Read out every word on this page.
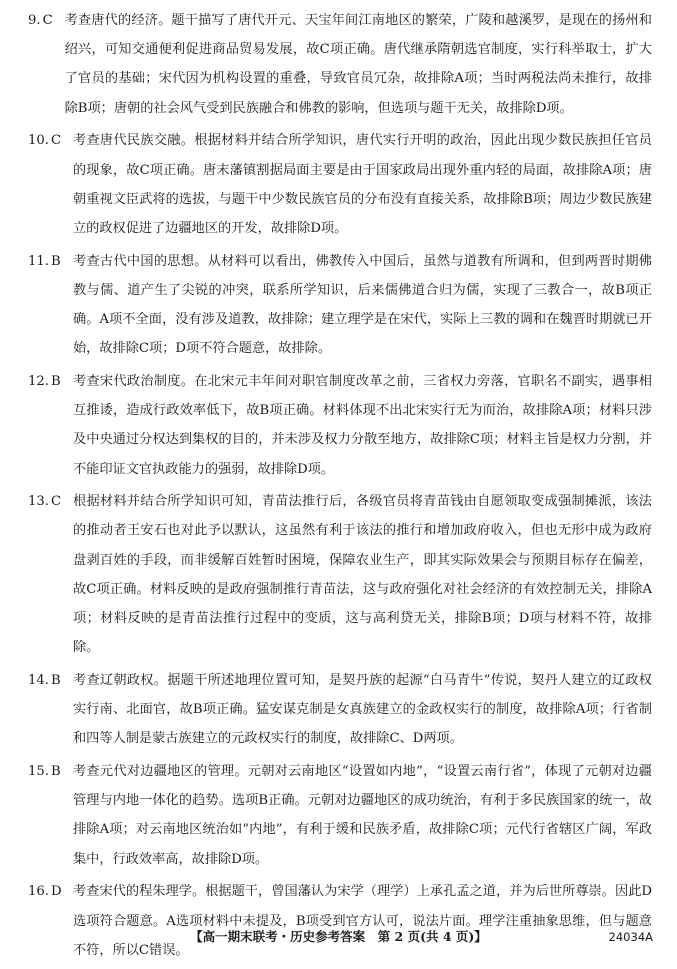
9. C 考查唐代的经济。题干描写了唐代开元、天宝年间江南地区的繁荣，广陵和越溪罗，是现在的扬州和绍兴，可知交通便利促进商品贸易发展，故C项正确。唐代继承隋朝选官制度，实行科举取士，扩大了官员的基础；宋代因为机构设置的重叠，导致官员冗杂，故排除A项；当时两税法尚未推行，故排除B项；唐朝的社会风气受到民族融合和佛教的影响，但选项与题干无关，故排除D项。
10. C 考查唐代民族交融。根据材料并结合所学知识，唐代实行开明的政治，因此出现少数民族担任官员的现象，故C项正确。唐末藩镇割据局面主要是由于国家政局出现外重内轻的局面，故排除A项；唐朝重视文臣武将的选拔，与题干中少数民族官员的分布没有直接关系，故排除B项；周边少数民族建立的政权促进了边疆地区的开发，故排除D项。
11. B 考查古代中国的思想。从材料可以看出，佛教传入中国后，虽然与道教有所调和，但到两晋时期佛教与儒、道产生了尖锐的冲突，联系所学知识，后来儒佛道合归为儒，实现了三教合一，故B项正确。A项不全面，没有涉及道教，故排除；建立理学是在宋代，实际上三教的调和在魏晋时期就已开始，故排除C项；D项不符合题意，故排除。
12. B 考查宋代政治制度。在北宋元丰年间对职官制度改革之前，三省权力旁落，官职名不副实，遇事相互推诿，造成行政效率低下，故B项正确。材料体现不出北宋实行无为而治，故排除A项；材料只涉及中央通过分权达到集权的目的，并未涉及权力分散至地方，故排除C项；材料主旨是权力分割，并不能印证文官执政能力的强弱，故排除D项。
13. C 根据材料并结合所学知识可知，青苗法推行后，各级官员将青苗钱由自愿领取变成强制摊派，该法的推动者王安石也对此予以默认，这虽然有利于该法的推行和增加政府收入，但也无形中成为政府盘剥百姓的手段，而非缓解百姓暂时困境，保障农业生产，即其实际效果会与预期目标存在偏差，故C项正确。材料反映的是政府强制推行青苗法，这与政府强化对社会经济的有效控制无关，排除A项；材料反映的是青苗法推行过程中的变质，这与高利贷无关，排除B项；D项与材料不符，故排除。
14. B 考查辽朝政权。据题干所述地理位置可知，是契丹族的起源“白马青牛”传说，契丹人建立的辽政权实行南、北面官，故B项正确。猛安谋克制是女真族建立的金政权实行的制度，故排除A项；行省制和四等人制是蒙古族建立的元政权实行的制度，故排除C、D两项。
15. B 考查元代对边疆地区的管理。元朝对云南地区“设置如内地”，“设置云南行省”，体现了元朝对边疆管理与内地一体化的趋势。选项B正确。元朝对边疆地区的成功统治，有利于多民族国家的统一，故排除A项；对云南地区统治如“内地”，有利于缓和民族矛盾，故排除C项；元代行省辖区广阔，军政集中，行政效率高，故排除D项。
16. D 考查宋代的程朱理学。根据题干，曾国藩认为宋学（理学）上承孔孟之道，并为后世所尊崇。因此D选项符合题意。A选项材料中未提及，B项受到官方认可，说法片面。理学注重抽象思维，但与题意不符，所以C错误。
【高一期末联考・历史参考答案　第 2 页(共 4 页)】	24034A
